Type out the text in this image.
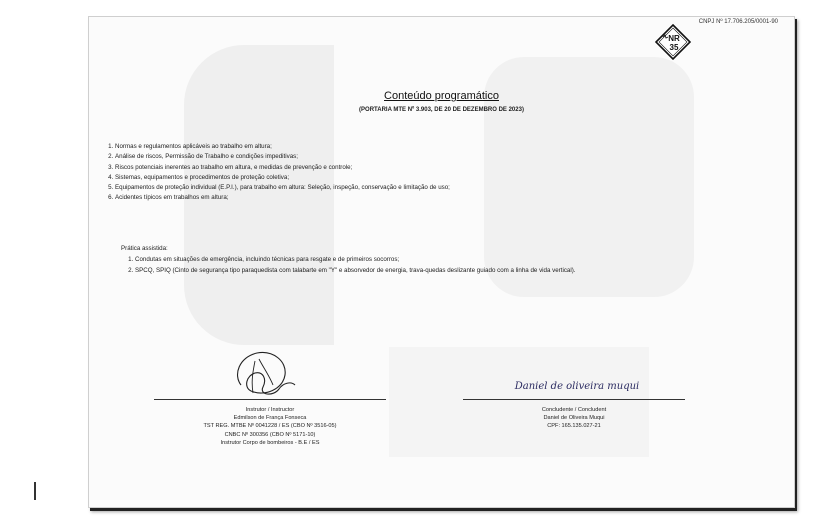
CNPJ Nº 17.706.205/0001-90
NR
35
Conteúdo programático
(PORTARIA MTE Nº 3.903, DE 20 DE DEZEMBRO DE 2023)
1. Normas e regulamentos aplicáveis ao trabalho em altura;
2. Análise de riscos, Permissão de Trabalho e condições impeditivas;
3. Riscos potenciais inerentes ao trabalho em altura, e medidas de prevenção e controle;
4. Sistemas, equipamentos e procedimentos de proteção coletiva;
5. Equipamentos de proteção individual (E.P.I.), para trabalho em altura: Seleção, inspeção, conservação e limitação de uso;
6. Acidentes típicos em trabalhos em altura;
Prática assistida:
1. Condutas em situações de emergência, incluindo técnicas para resgate e de primeiros socorros;
2. SPCQ, SPIQ (Cinto de segurança tipo paraquedista com talabarte em "Y" e absorvedor de energia, trava-quedas deslizante guiado com a linha de vida vertical).
Daniel de oliveira muqui
Instrutor / Instructor
Edmilson de França Fonseca
TST REG. MTBE Nº 0041228 / ES (CBO Nº 3516-05)
CNBC Nº 300356 (CBO Nº 5171-10)
Instrutor Corpo de bombeiros - B.E / ES
Concludente / Concludent
Daniel de Oliveira Muqui
CPF: 165.135.027-21
